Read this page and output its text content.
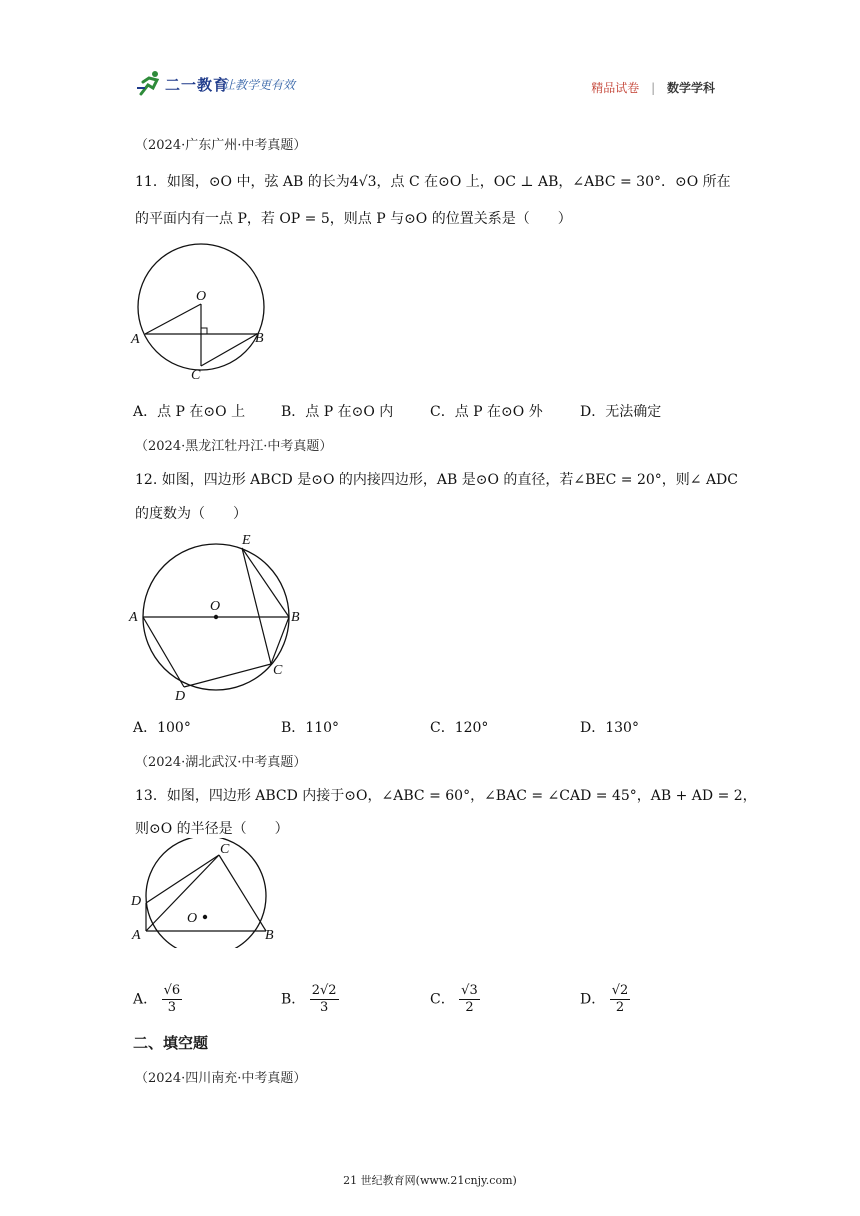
二一教育
让教学更有效	精品试卷 | 数学学科
（2024·广东广州·中考真题）
11．如图，⊙O 中，弦 AB 的长为4√3，点 C 在⊙O 上，OC ⊥ AB，∠ABC = 30°．⊙O 所在
的平面内有一点 P，若 OP = 5，则点 P 与⊙O 的位置关系是（　　）
O
A	B
C
A．点 P 在⊙O 上	B．点 P 在⊙O 内	C．点 P 在⊙O 外	D．无法确定
（2024·黑龙江牡丹江·中考真题）
12. 如图，四边形 ABCD 是⊙O 的内接四边形，AB 是⊙O 的直径，若∠BEC = 20°，则∠ ADC
的度数为（　　）
O
A	B
C
D
E
A．100°	B．110°	C．120°	D．130°
（2024·湖北武汉·中考真题）
13．如图，四边形 ABCD 内接于⊙O，∠ABC = 60°，∠BAC = ∠CAD = 45°，AB + AD = 2，
则⊙O 的半径是（　　）
O
A	B
C
D
A． $\frac{√6}{3}$	B． $\frac{2√2}{3}$	C． $\frac{√3}{2}$	D． $\frac{√2}{2}$
二、填空题
（2024·四川南充·中考真题）
21 世纪教育网(www.21cnjy.com)
